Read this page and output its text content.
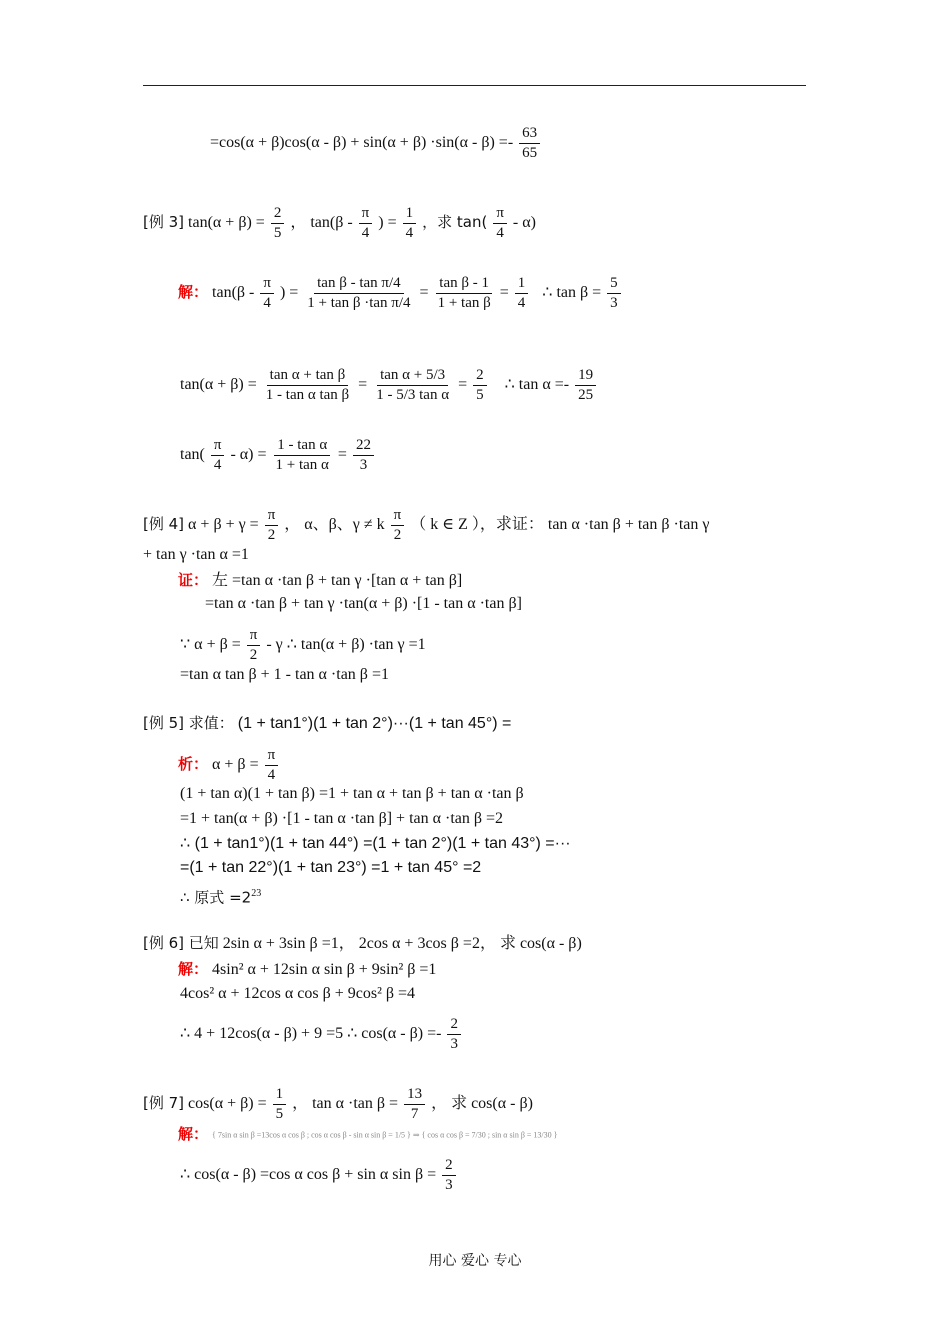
$=\cos(\alpha + \beta)\cos(\alpha - \beta) + \sin(\alpha + \beta) \cdot\sin(\alpha - \beta) =- \frac{63}{65}$
[例 3] $\tan(\alpha + \beta) = \frac{2}{5}$ ， $\tan(\beta - \frac{\pi}{4}$ ) = $\frac{1}{4}$ ，求 $\tan( \frac{\pi}{4} - \alpha)$
解： $\tan(\beta - \frac{\pi}{4}$ ) = $\frac{\text{tan β - tan π/4}}{\text{1 + tan β ·tan π/4}} = \frac{\text{tan β - 1}}{\text{1 + tan β}} = \frac{1}{4}$ ∴ $\tan \beta = \frac{5}{3}$
$\tan(\alpha + \beta) = \frac{\text{tan α + tan β}}{\text{1 - tan α tan β}} = \frac{\text{tan α + 5/3}}{\text{1 - 5/3 tan α}} = \frac{2}{5}$ ∴ $\tan \alpha =- \frac{19}{25}$
$\tan( \frac{\pi}{4} - \alpha) = \frac{\text{1 - tan α}}{\text{1 + tan α}} = \frac{22}{3}$
[例 4] $\alpha + \beta + \gamma = \frac{\pi}{2}$ ， α、β、γ ≠ k $\frac{\pi}{2}$ （ k ∈ Z ），求证： tan α ·tan β + tan β ·tan γ
+ tan γ ·tan α =1
证： 左 =tan α ·tan β + tan γ ·[tan α + tan β]
=tan α ·tan β + tan γ ·tan(α + β) ·[1 - tan α ·tan β]
∵ $\alpha + \beta = \frac{\pi}{2} - \gamma$ ∴ tan(α + β) ·tan γ =1
=tan α tan β + 1 - tan α ·tan β =1
[例 5] 求值： (1 + tan1°)(1 + tan 2°)···(1 + tan 45°) =
析： $\alpha + \beta = \frac{\pi}{4}$
(1 + tan α)(1 + tan β) =1 + tan α + tan β + tan α ·tan β
=1 + tan(α + β) ·[1 - tan α ·tan β] + tan α ·tan β =2
∴ (1 + tan1°)(1 + tan 44°) =(1 + tan 2°)(1 + tan 43°) =···
=(1 + tan 22°)(1 + tan 23°) =1 + tan 45° =2
∴ 原式 $=2^{23}$
[例 6] 已知 2sin α + 3sin β =1， 2cos α + 3cos β =2， 求 cos(α - β)
解： 4sin² α + 12sin α sin β + 9sin² β =1
4cos² α + 12cos α cos β + 9cos² β =4
∴ 4 + 12cos(α - β) + 9 =5 ∴ $\cos(\alpha - \beta) =- \frac{2}{3}$
[例 7] $\cos(\alpha + \beta) = \frac{1}{5}$ ， tan α ·tan $\beta = \frac{13}{7}$ ， 求 cos(α - β)
解： { 7sin α sin β =13cos α cos β ; cos α cos β - sin α sin β = 1/5 } ⇒ { cos α cos β = 7/30 ; sin α sin β = 13/30 }
∴ cos(α - β) =cos α cos β + sin α $\sin \beta = \frac{2}{3}$
用心 爱心 专心
